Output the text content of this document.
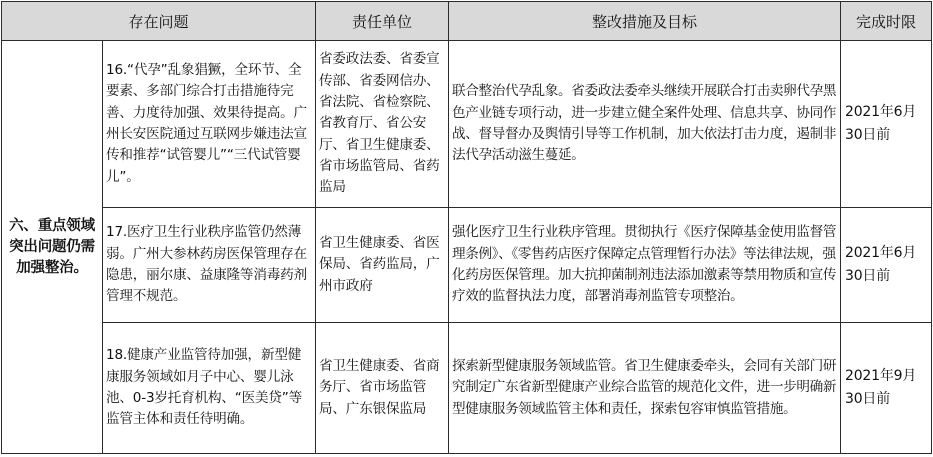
存在问题		责任单位	整改措施及目标	完成时限
六、重点领域突出问题仍需加强整治。	16.“代孕”乱象猖獗，全环节、全要素、多部门综合打击措施待完善、力度待加强、效果待提高。广州长安医院通过互联网步嫌违法宣传和推荐“试管婴儿”“三代试管婴儿”。	省委政法委、省委宣传部、省委网信办、省法院、省检察院、省教育厅、省公安厅、省卫生健康委、省市场监管局、省药监局	联合整治代孕乱象。省委政法委牵头继续开展联合打击卖卵代孕黑色产业链专项行动，进一步建立健全案件处理、信息共享、协同作战、督导督办及舆情引导等工作机制，加大依法打击力度，遏制非法代孕活动滋生蔓延。	2021年6月30日前
	17.医疗卫生行业秩序监管仍然薄弱。广州大参林药房医保管理存在隐患，丽尔康、益康隆等消毒药剂管理不规范。	省卫生健康委、省医保局、省药监局，广州市政府	强化医疗卫生行业秩序管理。贯彻执行《医疗保障基金使用监督管理条例》、《零售药店医疗保障定点管理暂行办法》等法律法规，强化药房医保管理。加大抗抑菌制剂违法添加激素等禁用物质和宣传疗效的监督执法力度，部署消毒剂监管专项整治。	2021年6月30日前
	18.健康产业监管待加强，新型健康服务领域如月子中心、婴儿泳池、0-3岁托育机构、“医美贷”等监管主体和责任待明确。	省卫生健康委、省商务厅、省市场监管局、广东银保监局	探索新型健康服务领域监管。省卫生健康委牵头，会同有关部门研究制定广东省新型健康产业综合监管的规范化文件，进一步明确新型健康服务领域监管主体和责任，探索包容审慎监管措施。	2021年9月30日前
